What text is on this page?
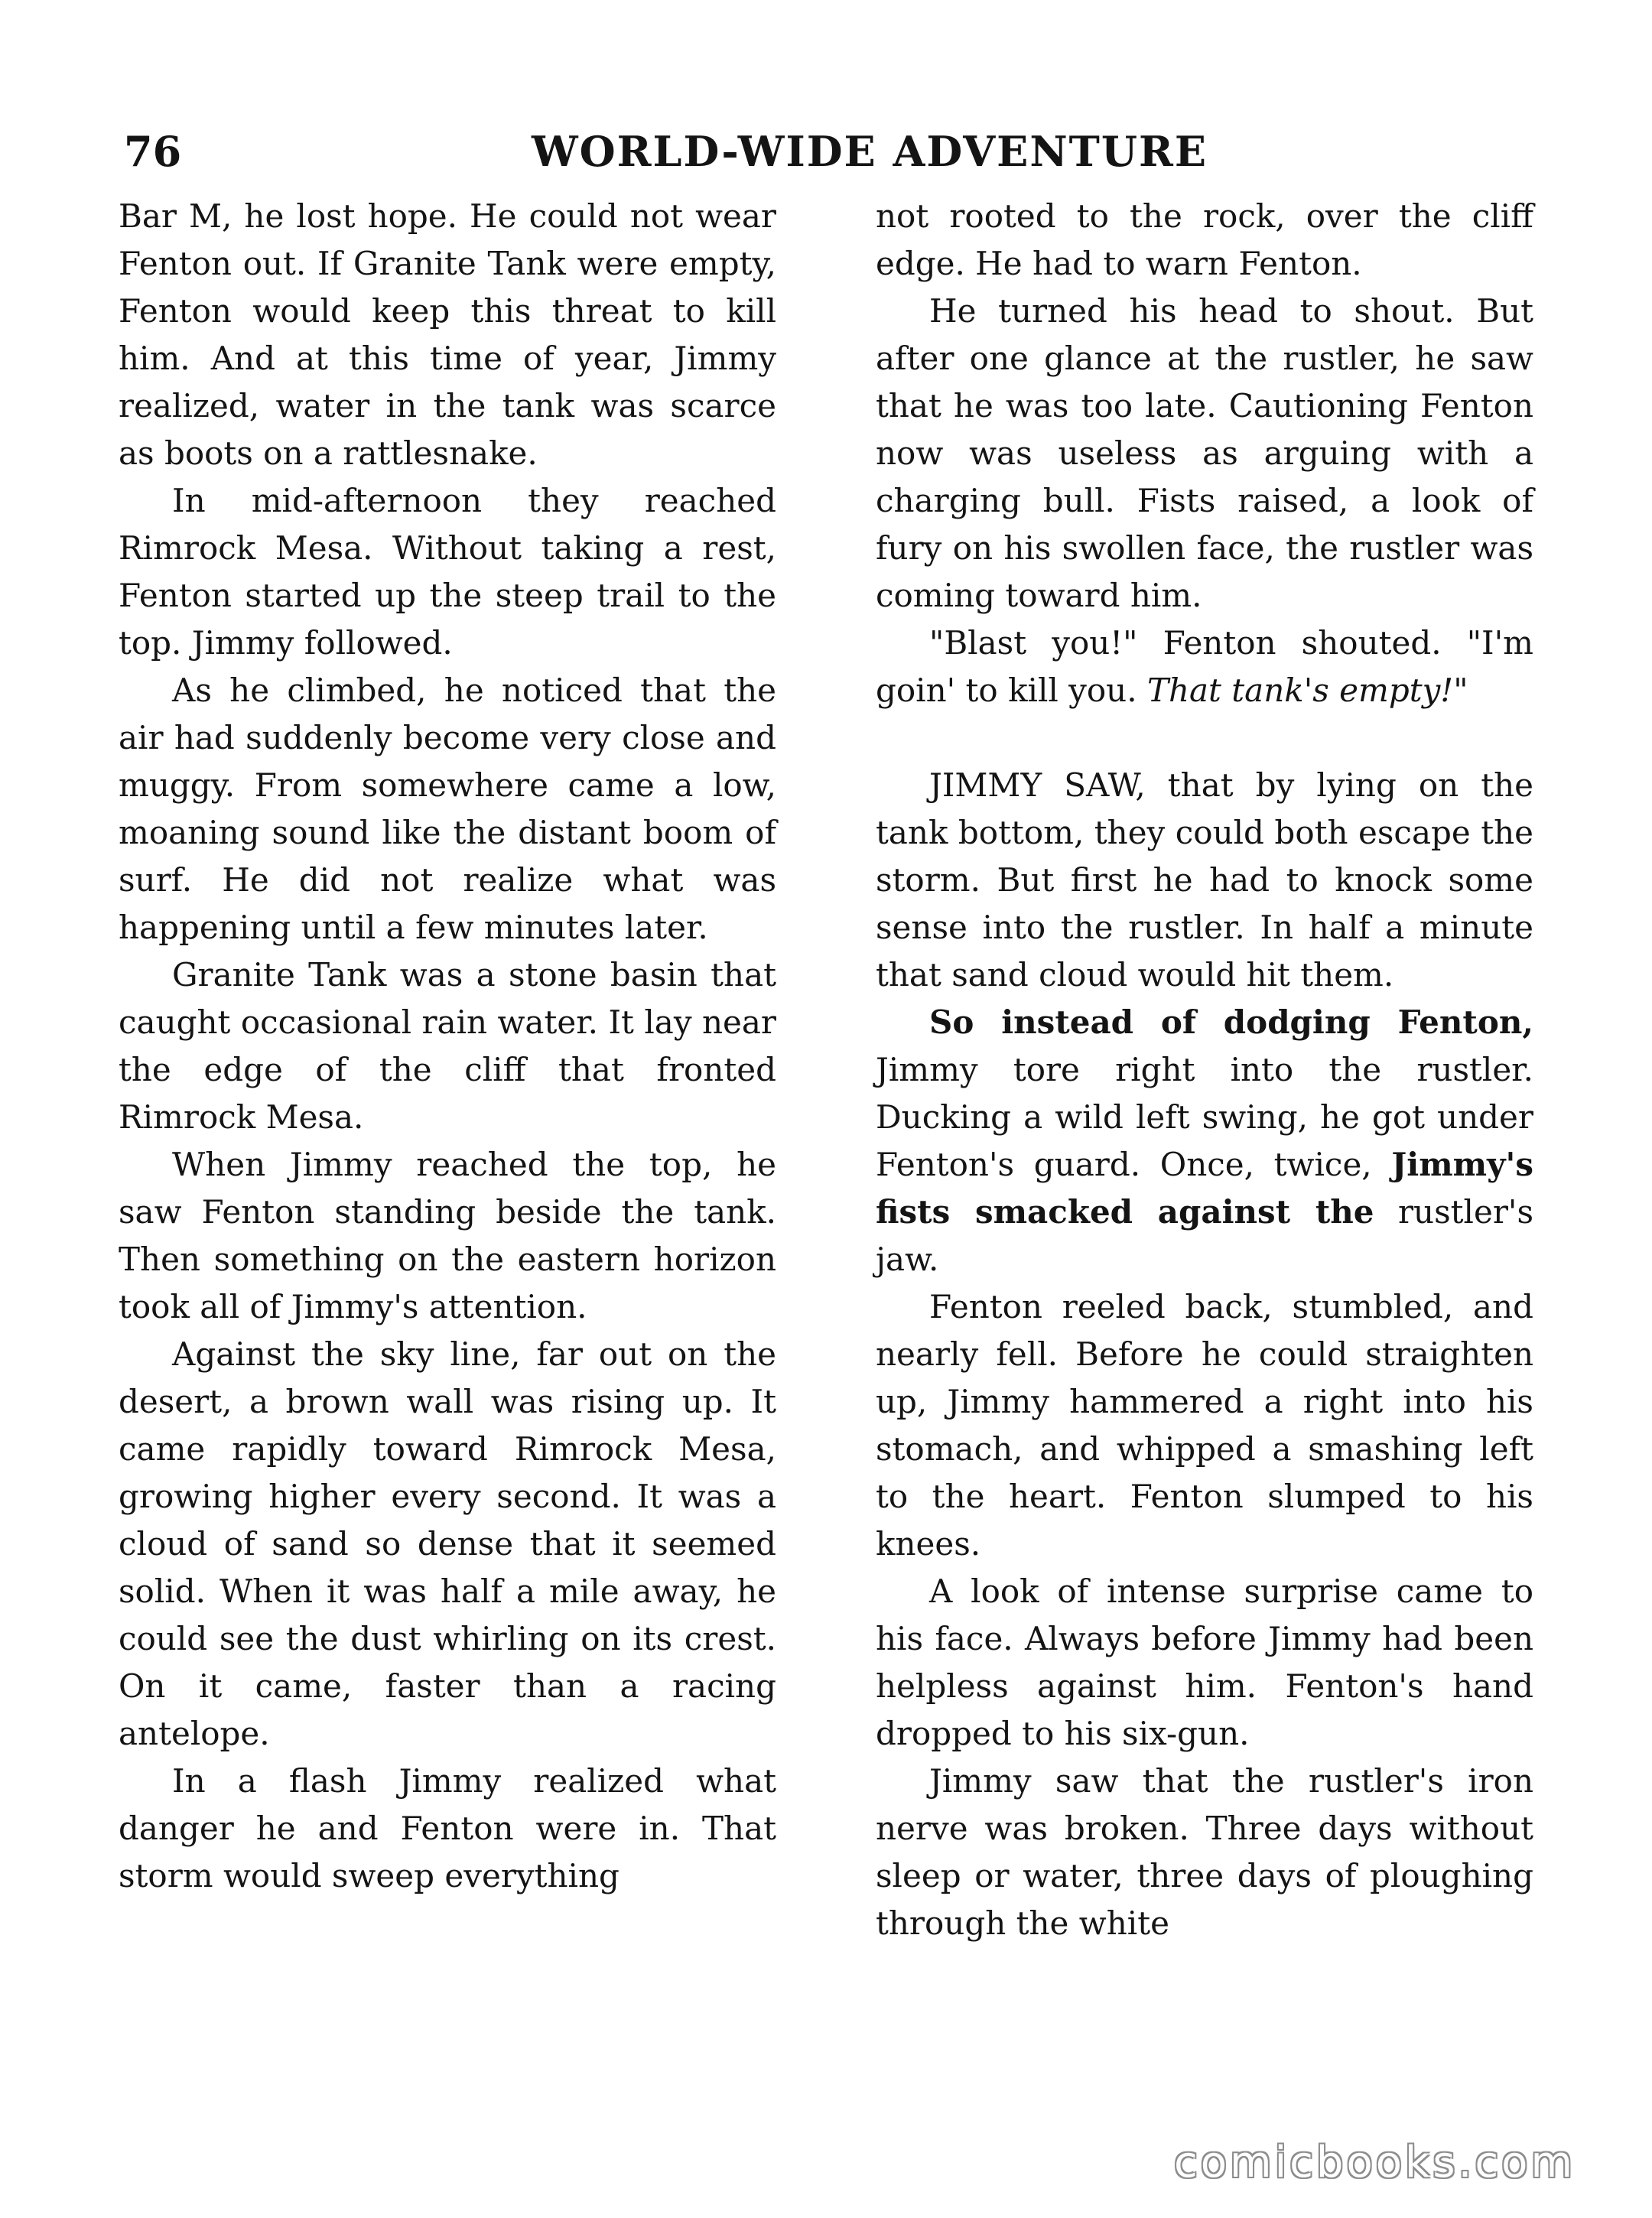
76	WORLD-WIDE ADVENTURE

Bar M, he lost hope. He could not wear Fenton out. If Granite Tank were empty, Fenton would keep this threat to kill him. And at this time of year, Jimmy realized, water in the tank was scarce as boots on a rattlesnake.

In mid-afternoon they reached Rimrock Mesa. Without taking a rest, Fenton started up the steep trail to the top. Jimmy followed.

As he climbed, he noticed that the air had suddenly become very close and muggy. From somewhere came a low, moaning sound like the distant boom of surf. He did not realize what was happening until a few minutes later.

Granite Tank was a stone basin that caught occasional rain water. It lay near the edge of the cliff that fronted Rimrock Mesa.

When Jimmy reached the top, he saw Fenton standing beside the tank. Then something on the eastern horizon took all of Jimmy's attention.

Against the sky line, far out on the desert, a brown wall was rising up. It came rapidly toward Rimrock Mesa, growing higher every second. It was a cloud of sand so dense that it seemed solid. When it was half a mile away, he could see the dust whirling on its crest. On it came, faster than a racing antelope.

In a flash Jimmy realized what danger he and Fenton were in. That storm would sweep everything

not rooted to the rock, over the cliff edge. He had to warn Fenton.

He turned his head to shout. But after one glance at the rustler, he saw that he was too late. Cautioning Fenton now was useless as arguing with a charging bull. Fists raised, a look of fury on his swollen face, the rustler was coming toward him.

"Blast you!" Fenton shouted. "I'm goin' to kill you. That tank's empty!"

JIMMY SAW, that by lying on the tank bottom, they could both escape the storm. But first he had to knock some sense into the rustler. In half a minute that sand cloud would hit them.

So instead of dodging Fenton, Jimmy tore right into the rustler. Ducking a wild left swing, he got under Fenton's guard. Once, twice, Jimmy's fists smacked against the rustler's jaw.

Fenton reeled back, stumbled, and nearly fell. Before he could straighten up, Jimmy hammered a right into his stomach, and whipped a smashing left to the heart. Fenton slumped to his knees.

A look of intense surprise came to his face. Always before Jimmy had been helpless against him. Fenton's hand dropped to his six-gun.

Jimmy saw that the rustler's iron nerve was broken. Three days without sleep or water, three days of ploughing through the white

comicbooks.com
